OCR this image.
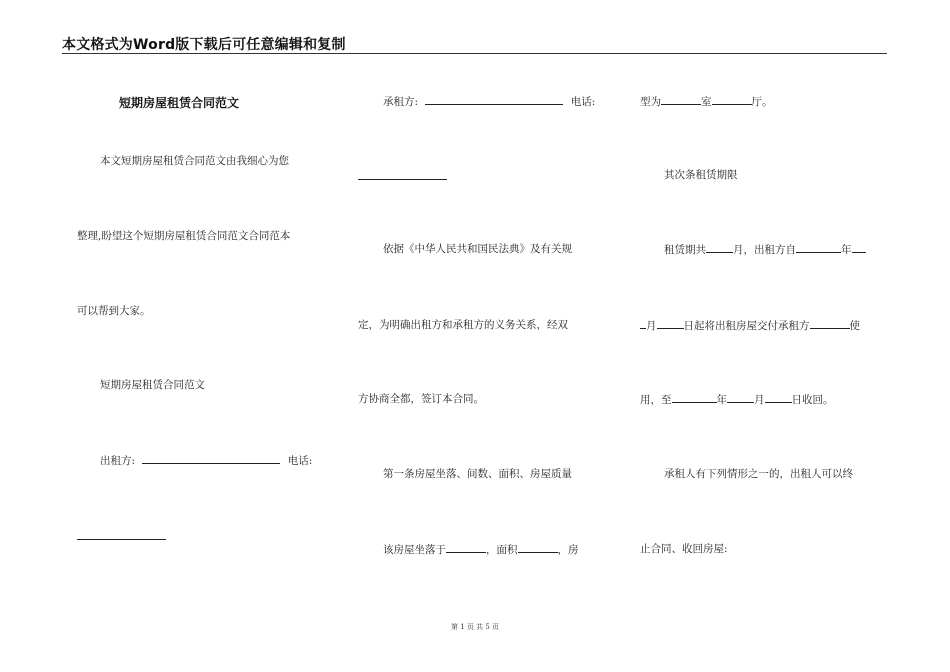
本文格式为Word版下载后可任意编辑和复制
短期房屋租赁合同范文
本文短期房屋租赁合同范文由我细心为您
整理,盼望这个短期房屋租赁合同范文合同范本
可以帮到大家。
短期房屋租赁合同范文
出租方:	电话:
承租方:	电话:
依据《中华人民共和国民法典》及有关规
定，为明确出租方和承租方的义务关系，经双
方协商全都，签订本合同。
第一条房屋坐落、间数、面积、房屋质量
该房屋坐落于	，面积	，房
型为	室	厅。
其次条租赁期限
租赁期共	月，出租方自	年
月	日起将出租房屋交付承租方	使
用，至	年	月	日收回。
承租人有下列情形之一的，出租人可以终
止合同、收回房屋:
第 1 页 共 5 页
